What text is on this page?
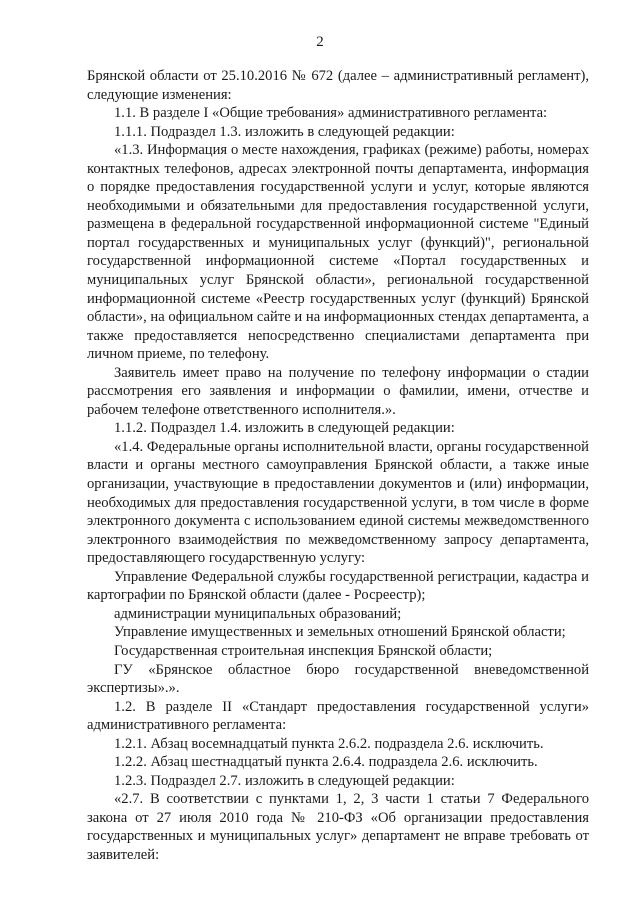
2

Брянской области от 25.10.2016 № 672 (далее – административный регламент), следующие изменения:

1.1. В разделе I «Общие требования» административного регламента:

1.1.1. Подраздел 1.3. изложить в следующей редакции:

«1.3. Информация о месте нахождения, графиках (режиме) работы, номерах контактных телефонов, адресах электронной почты департамента, информация о порядке предоставления государственной услуги и услуг, которые являются необходимыми и обязательными для предоставления государственной услуги, размещена в федеральной государственной информационной системе "Единый портал государственных и муниципальных услуг (функций)", региональной государственной информационной системе «Портал государственных и муниципальных услуг Брянской области», региональной государственной информационной системе «Реестр государственных услуг (функций) Брянской области», на официальном сайте и на информационных стендах департамента, а также предоставляется непосредственно специалистами департамента при личном приеме, по телефону.

Заявитель имеет право на получение по телефону информации о стадии рассмотрения его заявления и информации о фамилии, имени, отчестве и рабочем телефоне ответственного исполнителя.».

1.1.2. Подраздел 1.4. изложить в следующей редакции:

«1.4. Федеральные органы исполнительной власти, органы государственной власти и органы местного самоуправления Брянской области, а также иные организации, участвующие в предоставлении документов и (или) информации, необходимых для предоставления государственной услуги, в том числе в форме электронного документа с использованием единой системы межведомственного электронного взаимодействия по межведомственному запросу департамента, предоставляющего государственную услугу:

Управление Федеральной службы государственной регистрации, кадастра и картографии по Брянской области (далее - Росреестр);

администрации муниципальных образований;

Управление имущественных и земельных отношений Брянской области;

Государственная строительная инспекция Брянской области;

ГУ «Брянское областное бюро государственной вневедомственной экспертизы».».

1.2. В разделе II «Стандарт предоставления государственной услуги» административного регламента:

1.2.1. Абзац восемнадцатый пункта 2.6.2. подраздела 2.6. исключить.

1.2.2. Абзац шестнадцатый пункта 2.6.4. подраздела 2.6. исключить.

1.2.3. Подраздел 2.7. изложить в следующей редакции:

«2.7. В соответствии с пунктами 1, 2, 3 части 1 статьи 7 Федерального закона от 27 июля 2010 года № 210-ФЗ «Об организации предоставления государственных и муниципальных услуг» департамент не вправе требовать от заявителей:
